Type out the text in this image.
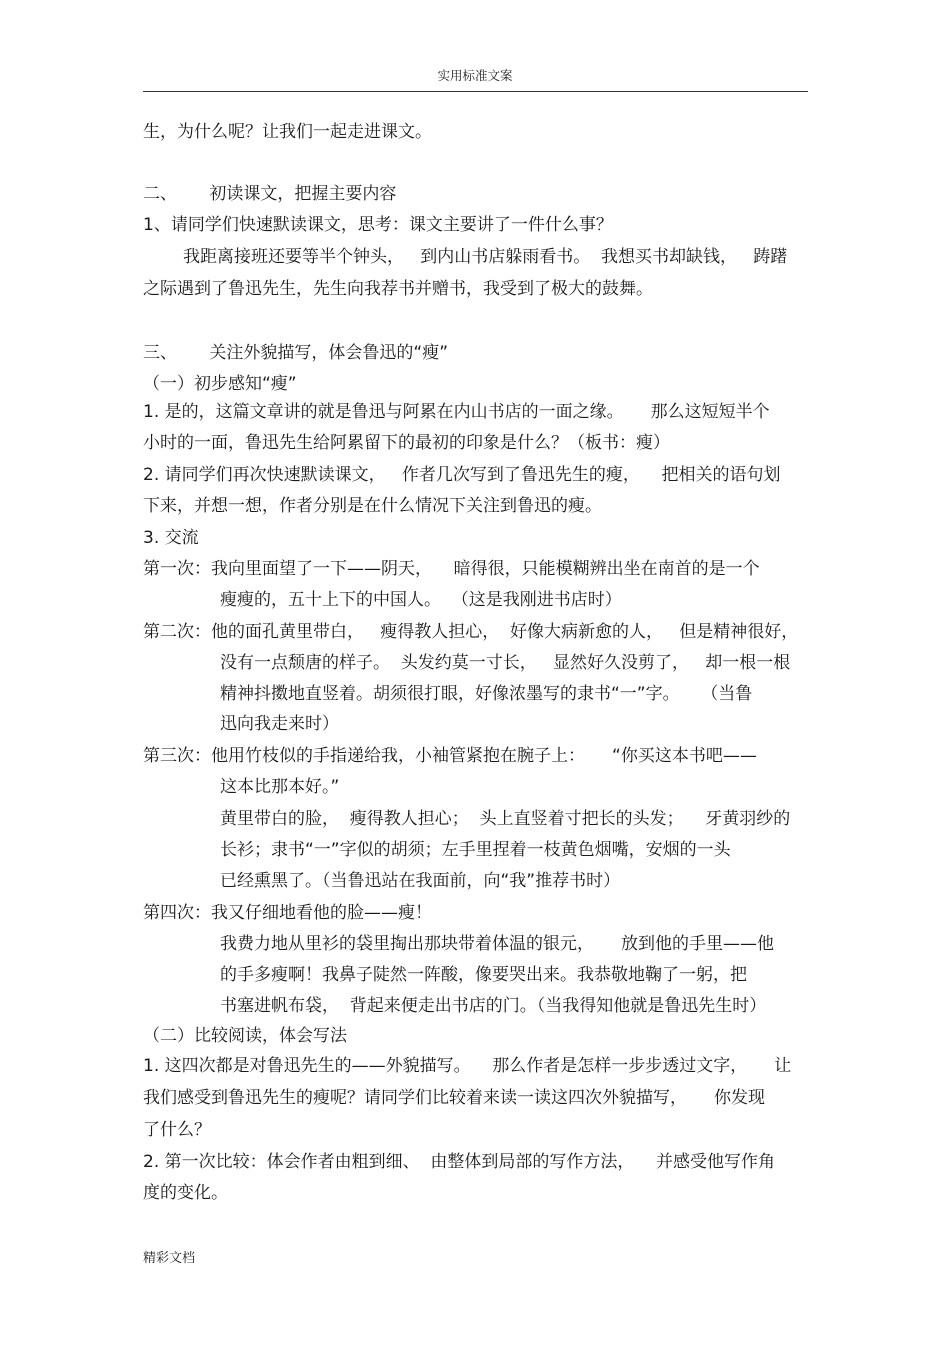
实用标准文案
生，为什么呢？让我们一起走进课文。
二、      初读课文，把握主要内容
1、请同学们快速默读课文，思考：课文主要讲了一件什么事？
我距离接班还要等半个钟头，   到内山书店躲雨看书。  我想买书却缺钱，   踌躇
之际遇到了鲁迅先生，先生向我荐书并赠书，我受到了极大的鼓舞。
三、      关注外貌描写，体会鲁迅的“瘦”
（一）初步感知“瘦”
1. 是的，这篇文章讲的就是鲁迅与阿累在内山书店的一面之缘。     那么这短短半个
小时的一面，鲁迅先生给阿累留下的最初的印象是什么？（板书：瘦）
2. 请同学们再次快速默读课文，   作者几次写到了鲁迅先生的瘦，    把相关的语句划
下来，并想一想，作者分别是在什么情况下关注到鲁迅的瘦。
3. 交流
第一次：我向里面望了一下——阴天，    暗得很，只能模糊辨出坐在南首的是一个
瘦瘦的，五十上下的中国人。  （这是我刚进书店时）
第二次：他的面孔黄里带白，   瘦得教人担心，  好像大病新愈的人，   但是精神很好，
没有一点颓唐的样子。  头发约莫一寸长，   显然好久没剪了，   却一根一根
精神抖擞地直竖着。胡须很打眼，好像浓墨写的隶书“一”字。    （当鲁
迅向我走来时）
第三次：他用竹枝似的手指递给我，小袖管紧抱在腕子上：     “你买这本书吧——
这本比那本好。”
黄里带白的脸，  瘦得教人担心；  头上直竖着寸把长的头发；    牙黄羽纱的
长衫；隶书“一”字似的胡须；左手里捏着一枝黄色烟嘴，安烟的一头
已经熏黑了。（当鲁迅站在我面前，向“我”推荐书时）
第四次：我又仔细地看他的脸——瘦！
我费力地从里衫的袋里掏出那块带着体温的银元，     放到他的手里——他
的手多瘦啊！我鼻子陡然一阵酸，像要哭出来。我恭敬地鞠了一躬，把
书塞进帆布袋，  背起来便走出书店的门。（当我得知他就是鲁迅先生时）
（二）比较阅读，体会写法
1. 这四次都是对鲁迅先生的——外貌描写。    那么作者是怎样一步步透过文字，     让
我们感受到鲁迅先生的瘦呢？请同学们比较着来读一读这四次外貌描写，     你发现
了什么？
2. 第一次比较：体会作者由粗到细、  由整体到局部的写作方法，    并感受他写作角
度的变化。
精彩文档
